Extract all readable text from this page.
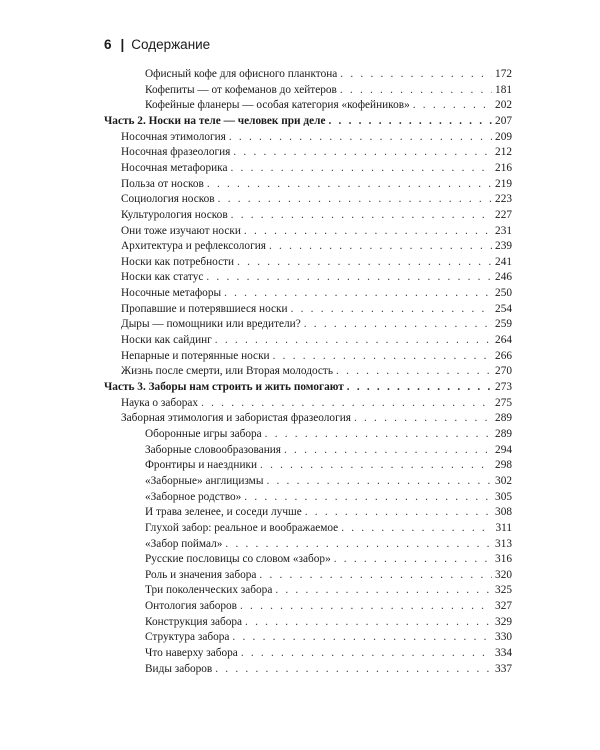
6 | Содержание
Офисный кофе для офисного планктона . . .	172
Кофепиты — от кофеманов до хейтеров . . .	181
Кофейные фланеры — особая категория «кофейников» . . .	202
Часть 2. Носки на теле — человек при деле . . .	207
Носочная этимология . . .	209
Носочная фразеология . . .	212
Носочная метафорика . . .	216
Польза от носков . . .	219
Социология носков . . .	223
Культурология носков . . .	227
Они тоже изучают носки . . .	231
Архитектура и рефлексология . . .	239
Носки как потребности . . .	241
Носки как статус . . .	246
Носочные метафоры . . .	250
Пропавшие и потерявшиеся носки . . .	254
Дыры — помощники или вредители? . . .	259
Носки как сайдинг . . .	264
Непарные и потерянные носки . . .	266
Жизнь после смерти, или Вторая молодость . . .	270
Часть 3. Заборы нам строить и жить помогают . . .	273
Наука о заборах . . .	275
Заборная этимология и забористая фразеология . . .	289
Оборонные игры забора . . .	289
Заборные словообразования . . .	294
Фронтиры и наездники . . .	298
«Заборные» англицизмы . . .	302
«Заборное родство» . . .	305
И трава зеленее, и соседи лучше . . .	308
Глухой забор: реальное и воображаемое . . .	311
«Забор поймал» . . .	313
Русские пословицы со словом «забор» . . .	316
Роль и значения забора . . .	320
Три поколенческих забора . . .	325
Онтология заборов . . .	327
Конструкция забора . . .	329
Структура забора . . .	330
Что наверху забора . . .	334
Виды заборов . . .	337
